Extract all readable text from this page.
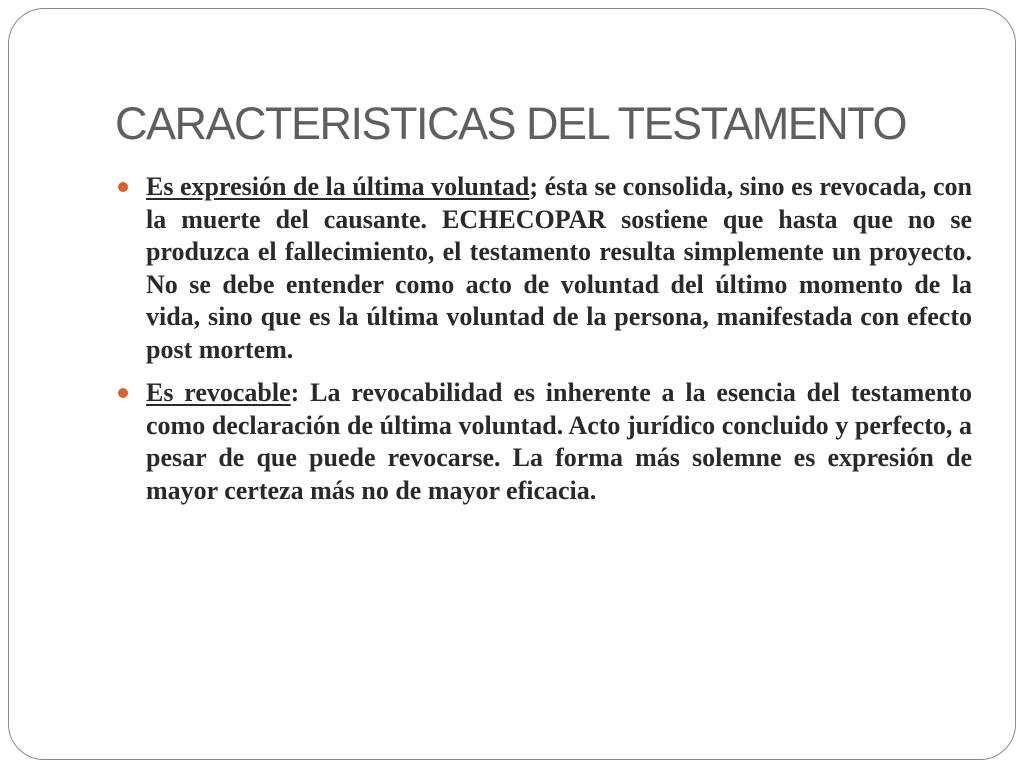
CARACTERISTICAS DEL TESTAMENTO

Es expresión de la última voluntad; ésta se consolida, sino es revocada, con la muerte del causante. ECHECOPAR sostiene que hasta que no se produzca el fallecimiento, el testamento resulta simplemente un proyecto. No se debe entender como acto de voluntad del último momento de la vida, sino que es la última voluntad de la persona, manifestada con efecto post mortem.

Es revocable: La revocabilidad es inherente a la esencia del testamento como declaración de última voluntad. Acto jurídico concluido y perfecto, a pesar de que puede revocarse. La forma más solemne es expresión de mayor certeza más no de mayor eficacia.
